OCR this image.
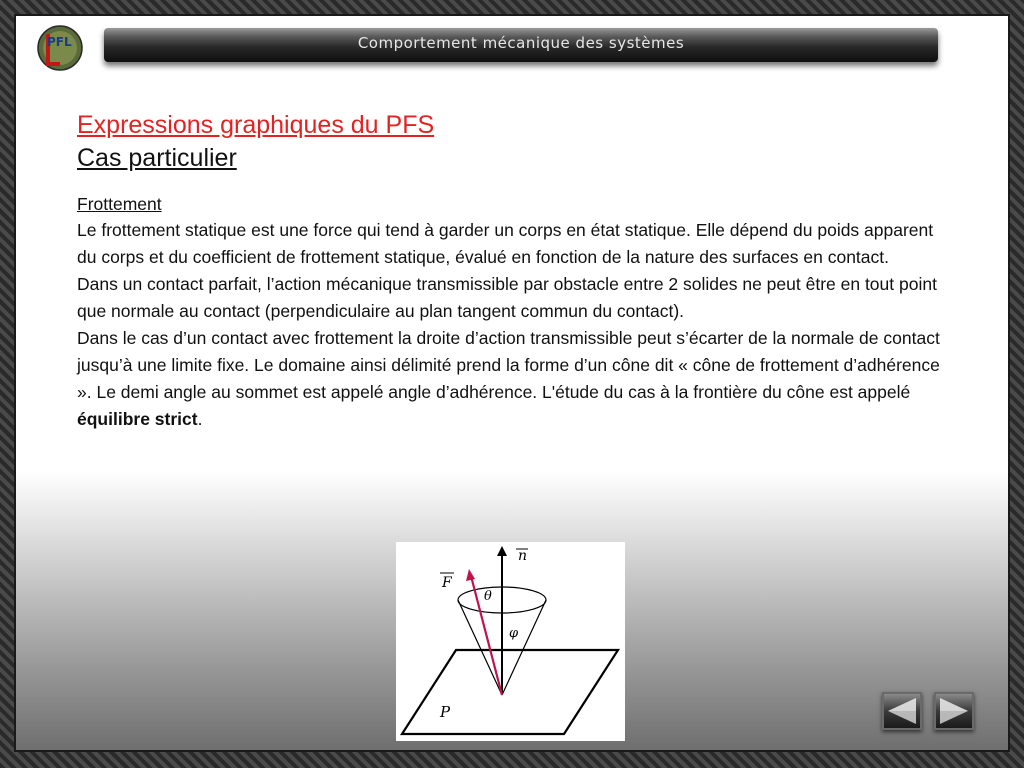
PFL	Comportement mécanique des systèmes
Expressions graphiques du PFS
Cas particulier
Frottement

Le frottement statique est une force qui tend à garder un corps en état statique. Elle dépend du poids apparent du corps et du coefficient de frottement statique, évalué en fonction de la nature des surfaces en contact.

Dans un contact parfait, l’action mécanique transmissible par obstacle entre 2 solides ne peut être en tout point que normale au contact (perpendiculaire au plan tangent commun du contact).

Dans le cas d’un contact avec frottement la droite d’action transmissible peut s’écarter de la normale de contact jusqu’à une limite fixe. Le domaine ainsi délimité prend la forme d’un cône dit « cône de frottement d’adhérence ». Le demi angle au sommet est appelé angle d’adhérence. L'étude du cas à la frontière du cône est appelé équilibre strict.

n
F
θ
φ
P
